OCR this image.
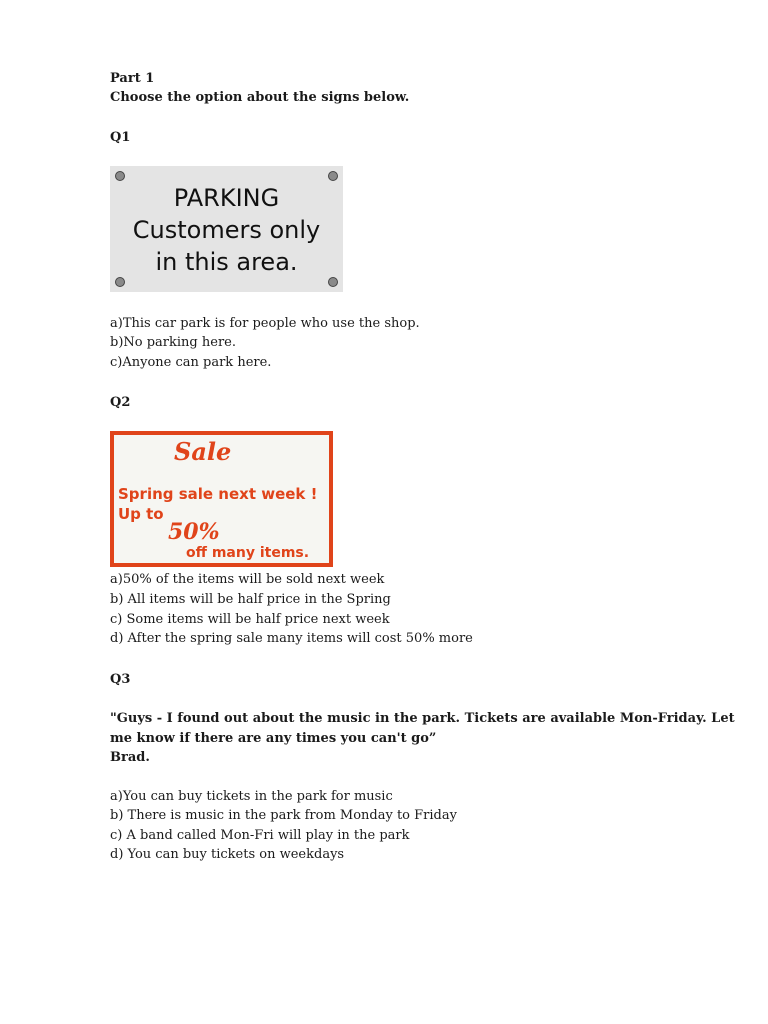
Part 1
Choose the option about the signs below.
Q1
PARKING
Customers only
in this area.
a)This car park is for people who use the shop.
b)No parking here.
c)Anyone can park here.
Q2
Sale
Spring sale next week !
Up to
50%
off many items.
a)50% of the items will be sold next week
b) All items will be half price in the Spring
c) Some items will be half price next week
d) After the spring sale many items will cost 50% more
Q3
"Guys - I found out about the music in the park. Tickets are available Mon-Friday. Let
me know if there are any times you can't go”
Brad.
a)You can buy tickets in the park for music
b) There is music in the park from Monday to Friday
c) A band called Mon-Fri will play in the park
d) You can buy tickets on weekdays
